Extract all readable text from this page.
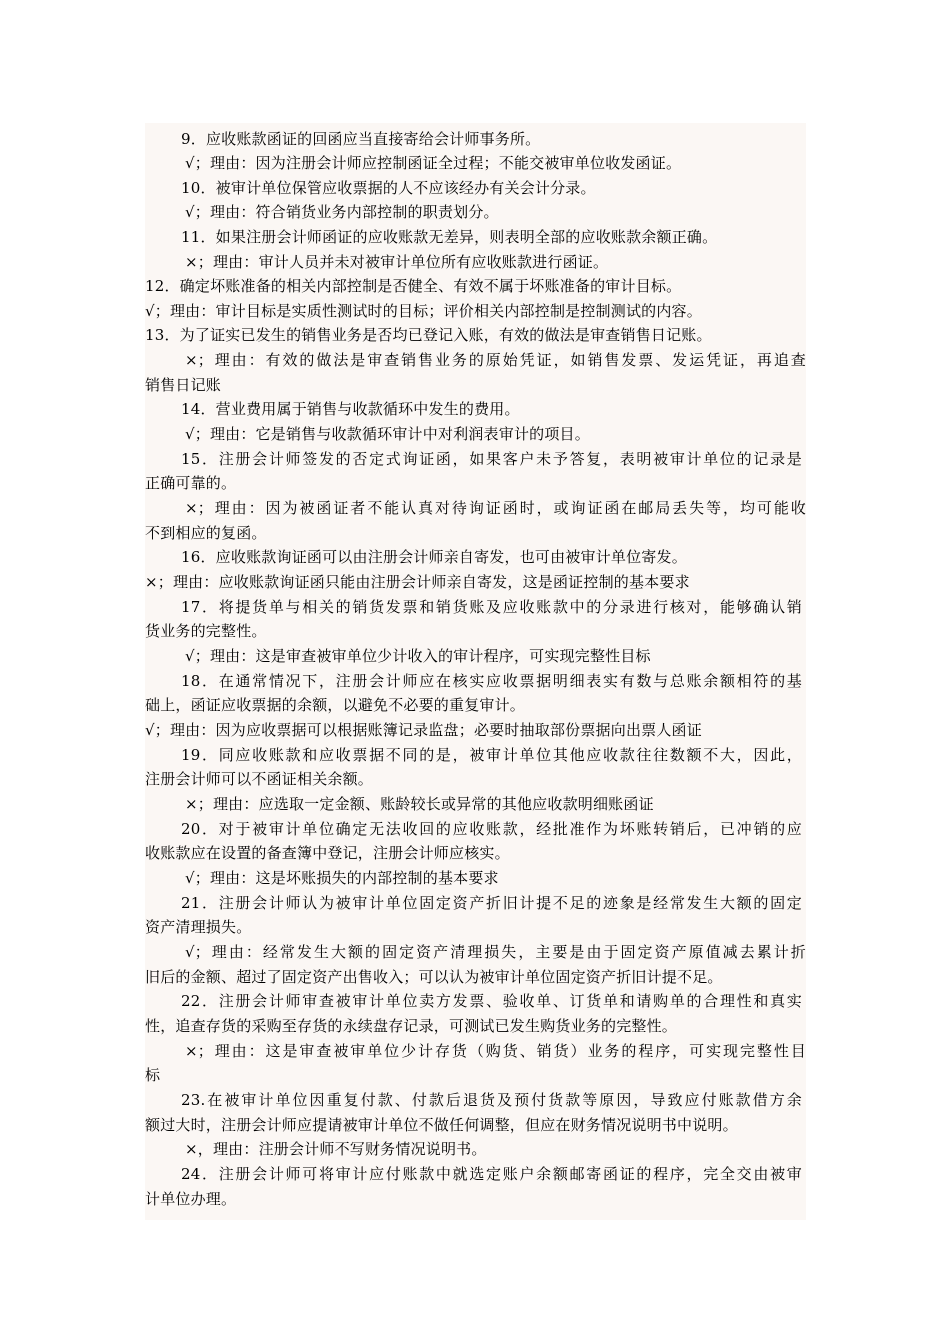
9．应收账款函证的回函应当直接寄给会计师事务所。
√；理由：因为注册会计师应控制函证全过程；不能交被审单位收发函证。
10．被审计单位保管应收票据的人不应该经办有关会计分录。
√；理由：符合销货业务内部控制的职责划分。
11．如果注册会计师函证的应收账款无差异，则表明全部的应收账款余额正确。
×；理由：审计人员并未对被审计单位所有应收账款进行函证。
12．确定坏账准备的相关内部控制是否健全、有效不属于坏账准备的审计目标。
√；理由：审计目标是实质性测试时的目标；评价相关内部控制是控制测试的内容。
13．为了证实已发生的销售业务是否均已登记入账，有效的做法是审查销售日记账。
×；理由：有效的做法是审查销售业务的原始凭证，如销售发票、发运凭证，再追查
销售日记账
14．营业费用属于销售与收款循环中发生的费用。
√；理由：它是销售与收款循环审计中对利润表审计的项目。
15．注册会计师签发的否定式询证函，如果客户未予答复，表明被审计单位的记录是
正确可靠的。
×；理由：因为被函证者不能认真对待询证函时，或询证函在邮局丢失等，均可能收
不到相应的复函。
16．应收账款询证函可以由注册会计师亲自寄发，也可由被审计单位寄发。
×；理由：应收账款询证函只能由注册会计师亲自寄发，这是函证控制的基本要求
17．将提货单与相关的销货发票和销货账及应收账款中的分录进行核对，能够确认销
货业务的完整性。
√；理由：这是审查被审单位少计收入的审计程序，可实现完整性目标
18．在通常情况下，注册会计师应在核实应收票据明细表实有数与总账余额相符的基
础上，函证应收票据的余额，以避免不必要的重复审计。
√；理由：因为应收票据可以根据账簿记录监盘；必要时抽取部份票据向出票人函证
19．同应收账款和应收票据不同的是，被审计单位其他应收款往往数额不大，因此，
注册会计师可以不函证相关余额。
×；理由：应选取一定金额、账龄较长或异常的其他应收款明细账函证
20．对于被审计单位确定无法收回的应收账款，经批准作为坏账转销后，已冲销的应
收账款应在设置的备查簿中登记，注册会计师应核实。
√；理由：这是坏账损失的内部控制的基本要求
21．注册会计师认为被审计单位固定资产折旧计提不足的迹象是经常发生大额的固定
资产清理损失。
√；理由：经常发生大额的固定资产清理损失，主要是由于固定资产原值减去累计折
旧后的金额、超过了固定资产出售收入；可以认为被审计单位固定资产折旧计提不足。
22．注册会计师审查被审计单位卖方发票、验收单、订货单和请购单的合理性和真实
性，追查存货的采购至存货的永续盘存记录，可测试已发生购货业务的完整性。
×；理由：这是审查被审单位少计存货（购货、销货）业务的程序，可实现完整性目
标
23.在被审计单位因重复付款、付款后退货及预付货款等原因，导致应付账款借方余
额过大时，注册会计师应提请被审计单位不做任何调整，但应在财务情况说明书中说明。
×，理由：注册会计师不写财务情况说明书。
24．注册会计师可将审计应付账款中就选定账户余额邮寄函证的程序，完全交由被审
计单位办理。
